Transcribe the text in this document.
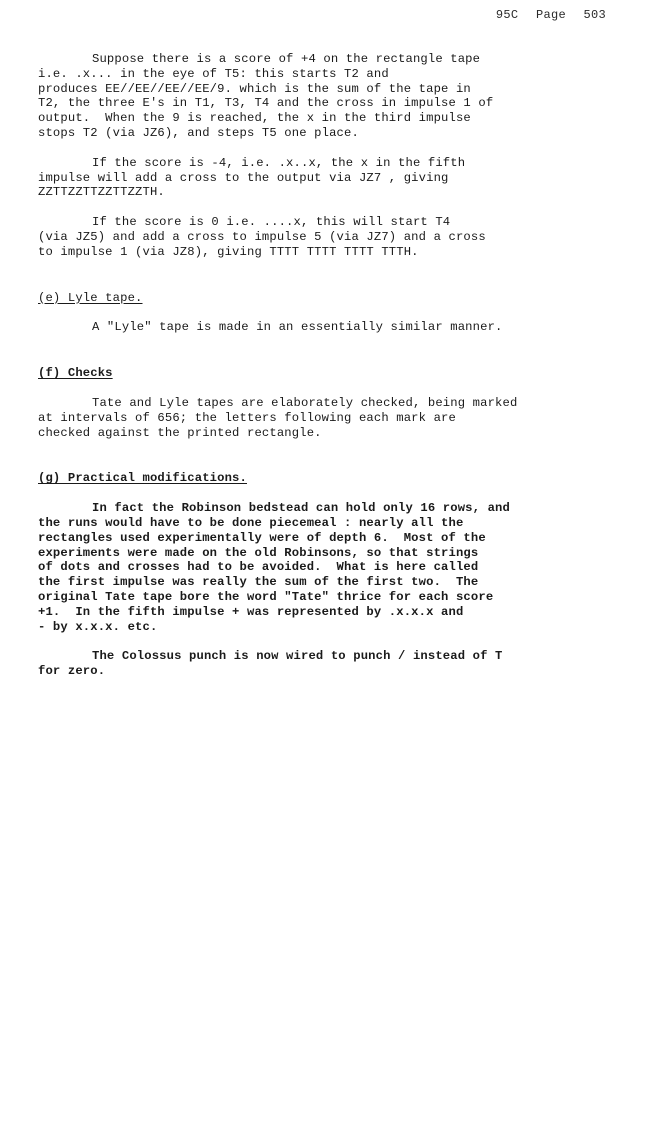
95C Page 503
Suppose there is a score of +4 on the rectangle tape
i.e. .x... in the eye of T5: this starts T2 and
produces EE//EE//EE//EE/9. which is the sum of the tape in
T2, the three E's in T1, T3, T4 and the cross in impulse 1 of
output.  When the 9 is reached, the x in the third impulse
stops T2 (via JZ6), and steps T5 one place.
If the score is -4, i.e. .x..x, the x in the fifth
impulse will add a cross to the output via JZ7 , giving
ZZTTZZTTZZTTZZTH.
If the score is 0 i.e. ....x, this will start T4
(via JZ5) and add a cross to impulse 5 (via JZ7) and a cross
to impulse 1 (via JZ8), giving TTTT TTTT TTTT TTTH.
(e) Lyle tape.
A "Lyle" tape is made in an essentially similar manner.
(f) Checks
Tate and Lyle tapes are elaborately checked, being marked
at intervals of 656; the letters following each mark are
checked against the printed rectangle.
(g) Practical modifications.
In fact the Robinson bedstead can hold only 16 rows, and
the runs would have to be done piecemeal : nearly all the
rectangles used experimentally were of depth 6.  Most of the
experiments were made on the old Robinsons, so that strings
of dots and crosses had to be avoided.  What is here called
the first impulse was really the sum of the first two.  The
original Tate tape bore the word "Tate" thrice for each score
+1.  In the fifth impulse + was represented by .x.x.x and
- by x.x.x. etc.
The Colossus punch is now wired to punch / instead of T
for zero.
